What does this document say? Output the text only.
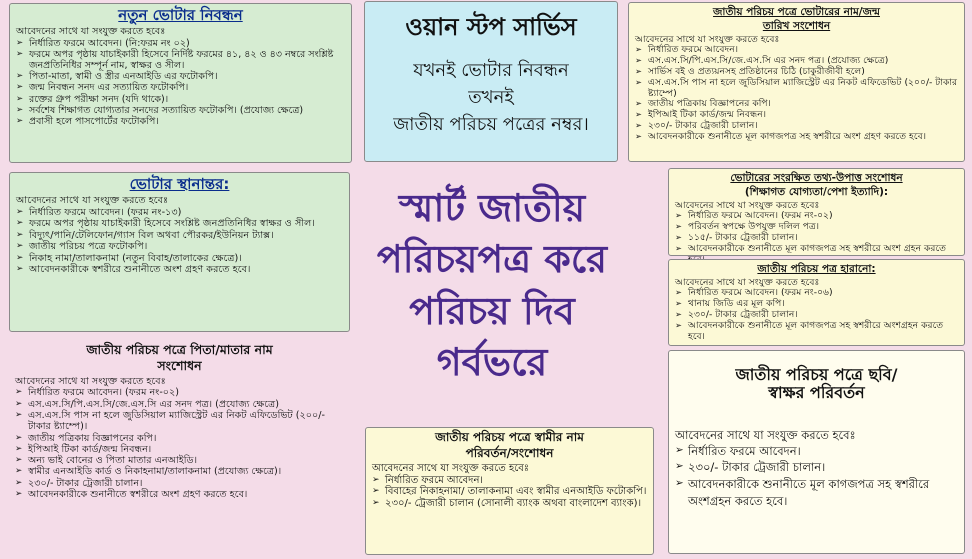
নতুন ভোটার নিবন্ধন
আবেদনের সাথে যা সংযুক্ত করতে হবেঃ
➢ নির্ধারিত ফরমে আবেদন। (নি:ফরম নং ০২)
➢ ফরমে অপর পৃষ্ঠায় যাচাইকারী হিসেবে নির্দিষ্ট ফরমের ৪১, ৪২ ও ৪৩ নম্বরে সংশ্লিষ্ট জনপ্রতিনিধির সম্পূর্ন নাম, স্বাক্ষর ও সীল।
➢ পিতা-মাতা, স্বামী ও স্ত্রীর এনআইডি এর ফটোকপি।
➢ জন্ম নিবন্ধন সনদ এর সত্যায়িত ফটোকপি।
➢ রক্তের গ্রুপ পরীক্ষা সনদ (যদি থাকে)।
➢ সর্বশেষ শিক্ষাগত যোগ্যতার সনদের সত্যায়িত ফটোকপি। (প্রযোজ্য ক্ষেত্রে)
➢ প্রবাসী হলে পাসপোর্টের ফটোকপি।
ওয়ান স্টপ সার্ভিস
যখনই ভোটার নিবন্ধন
তখনই
জাতীয় পরিচয় পত্রের নম্বর।
জাতীয় পরিচয় পত্রে ভোটারের নাম/জন্ম
তারিখ সংশোধন
আবেদনের সাথে যা সংযুক্ত করতে হবেঃ
➢ নির্ধারিত ফরমে আবেদন।
➢ এস.এস.সি/পি.এস.সি/জে.এস.সি এর সনদ পত্র। (প্রযোজ্য ক্ষেত্রে)
➢ সার্ভিস বই ও প্রত্যয়নসহ প্রতিষ্ঠানের চিঠি (চাকুরীজীবী হলে)
➢ এস.এস.সি পাস না হলে জুডিসিয়াল ম্যাজিস্ট্রেট এর নিকট এফিডেভিট (২০০/- টাকার ষ্ট্যাম্পে)
➢ জাতীয় পত্রিকায় বিজ্ঞাপনের কপি।
➢ ইপিআই টিকা কার্ড/জন্ম নিবন্ধন।
➢ ২৩০/- টাকার ট্রেজারী চালান।
➢ আবেদনকারীকে শুনানীতে মূল কাগজপত্র সহ স্বশরীরে অংশ গ্রহণ করতে হবে।
ভোটার স্থানান্তর:
আবেদনের সাথে যা সংযুক্ত করতে হবেঃ
➢ নির্ধারিত ফরমে আবেদন। (ফরম নং-১৩)
➢ ফরমে অপর পৃষ্ঠায় যাচাইকারী হিসেবে সংশ্লিষ্ট জনপ্রতিনিধির স্বাক্ষর ও সীল।
➢ বিদ্যুৎ/পানি/টেলিফোন/গ্যাস বিল অথবা পৌরকর/ইউনিয়ন ট্যাক্স।
➢ জাতীয় পরিচয় পত্রে ফটোকপি।
➢ নিকাহ নামা/তালাকনামা (নতুন বিবাহ/তালাকের ক্ষেত্রে)।
➢ আবেদনকারীকে স্বশরীরে শুনানীতে অংশ গ্রহণ করতে হবে।
স্মার্ট জাতীয়
পরিচয়পত্র করে
পরিচয় দিব
গর্বভরে
ভোটারের সংরক্ষিত তথ্য-উপাত্ত সংশোধন
(শিক্ষাগত যোগ্যতা/পেশা ইত্যাদি):
আবেদনের সাথে যা সংযুক্ত করতে হবেঃ
➢ নির্ধারিত ফরমে আবেদন। (ফরম নং-০২)
➢ পরিবর্তন স্বপক্ষে উপযুক্ত দলিল পত্র।
➢ ১১৫/- টাকার ট্রেজারী চালান।
➢ আবেদনকারীকে শুনানীতে মূল কাগজপত্র সহ স্বশরীরে অংশ গ্রহন করতে
জাতীয় পরিচয় পত্র হারানো:
আবেদনের সাথে যা সংযুক্ত করতে হবেঃ
➢ নির্ধারিত ফরমে আবেদন। (ফরম নং-০৬)
➢ থানায় জিডি এর মূল কপি।
➢ ২৩০/- টাকার ট্রেজারী চালান।
➢ আবেদনকারীকে শুনানীতে মূল কাগজপত্র সহ স্বশরীরে অংশগ্রহন করতে হবে।
জাতীয় পরিচয় পত্রে পিতা/মাতার নাম
সংশোধন
আবেদনের সাথে যা সংযুক্ত করতে হবেঃ
➢ নির্ধারিত ফরমে আবেদন। (ফরম নং-০২)
➢ এস.এস.সি/পি.এস.সি/জে.এস.সি এর সনদ পত্র। (প্রযোজ্য ক্ষেত্রে)
➢ এস.এস.সি পাস না হলে জুডিসিয়াল ম্যাজিস্ট্রেট এর নিকট এফিডেভিট (২০০/-টাকার ষ্ট্যাম্পে)।
➢ জাতীয় পত্রিকায় বিজ্ঞাপনের কপি।
➢ ইপিআই টিকা কার্ড/জন্ম নিবন্ধন।
➢ অন্য ভাই বোনের ও পিতা মাতার এনআইডি।
➢ স্বামীর এনআইডি কার্ড ও নিকাহনামা/তালাকনামা (প্রযোজ্য ক্ষেত্রে)।
➢ ২৩০/- টাকার ট্রেজারী চালান।
➢ আবেদনকারীকে শুনানীতে স্বশরীরে অংশ গ্রহণ করতে হবে।
জাতীয় পরিচয় পত্রে স্বামীর নাম
পরিবর্তন/সংশোধন
আবেদনের সাথে যা সংযুক্ত করতে হবেঃ
➢ নির্ধারিত ফরমে আবেদন।
➢ বিবাহের নিকাহনামা/ তালাকনামা এবং স্বামীর এনআইডি ফটোকপি।
➢ ২৩০/- ট্রেজারী চালান (সোনালী ব্যাংক অথবা বাংলাদেশ ব্যাংক)।
জাতীয় পরিচয় পত্রে ছবি/
স্বাক্ষর পরিবর্তন
আবেদনের সাথে যা সংযুক্ত করতে হবেঃ
➢ নির্ধারিত ফরমে আবেদন।
➢ ২৩০/- টাকার ট্রেজারী চালান।
➢ আবেদনকারীকে শুনানীতে মূল কাগজপত্র সহ স্বশরীরে অংশগ্রহন করতে হবে।
